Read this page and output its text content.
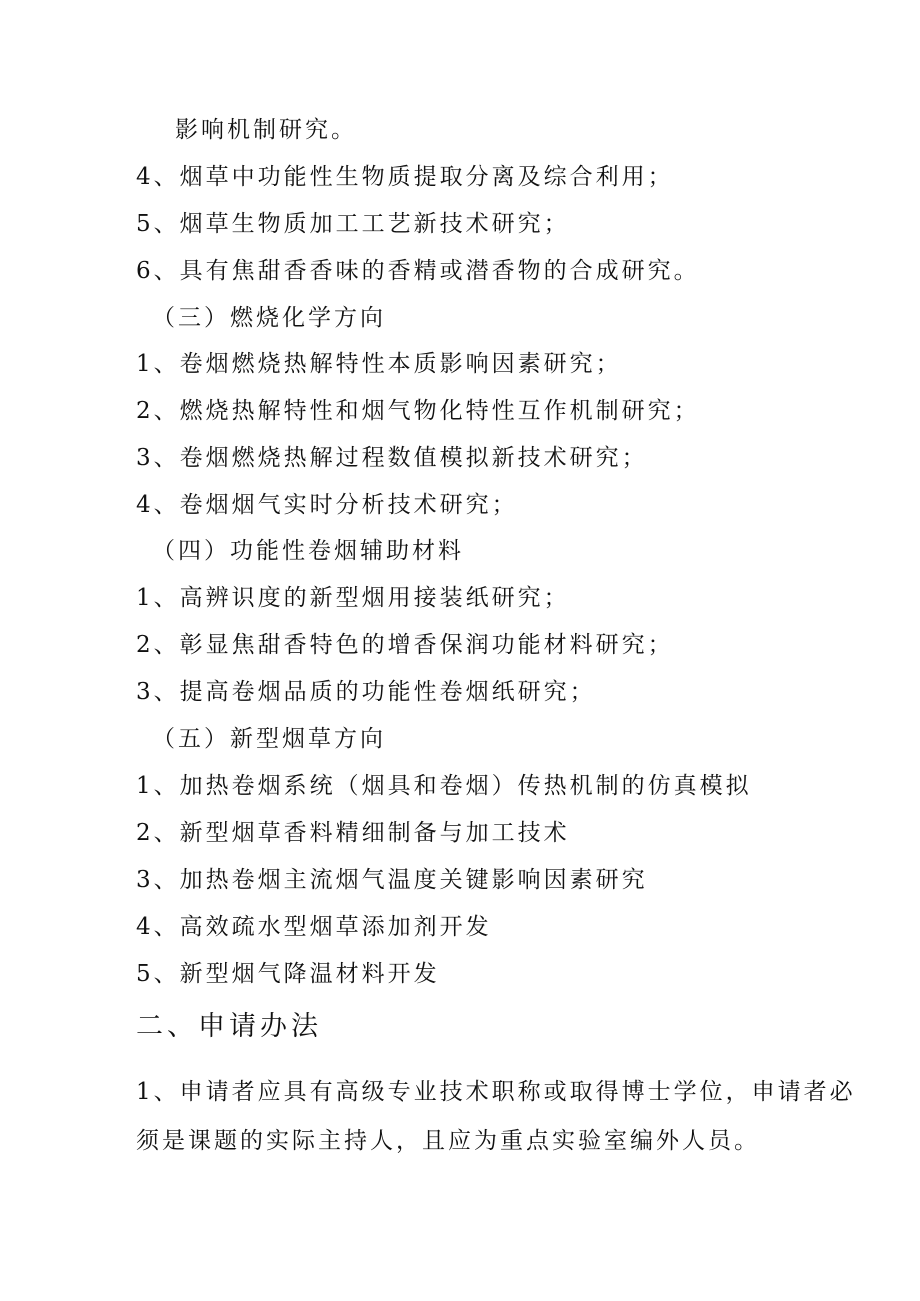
影响机制研究。
4、烟草中功能性生物质提取分离及综合利用；
5、烟草生物质加工工艺新技术研究；
6、具有焦甜香香味的香精或潜香物的合成研究。
（三）燃烧化学方向
1、卷烟燃烧热解特性本质影响因素研究；
2、燃烧热解特性和烟气物化特性互作机制研究；
3、卷烟燃烧热解过程数值模拟新技术研究；
4、卷烟烟气实时分析技术研究；
（四）功能性卷烟辅助材料
1、高辨识度的新型烟用接装纸研究；
2、彰显焦甜香特色的增香保润功能材料研究；
3、提高卷烟品质的功能性卷烟纸研究；
（五）新型烟草方向
1、加热卷烟系统（烟具和卷烟）传热机制的仿真模拟
2、新型烟草香料精细制备与加工技术
3、加热卷烟主流烟气温度关键影响因素研究
4、高效疏水型烟草添加剂开发
5、新型烟气降温材料开发
二、申请办法
1、申请者应具有高级专业技术职称或取得博士学位，申请者必
须是课题的实际主持人，且应为重点实验室编外人员。
